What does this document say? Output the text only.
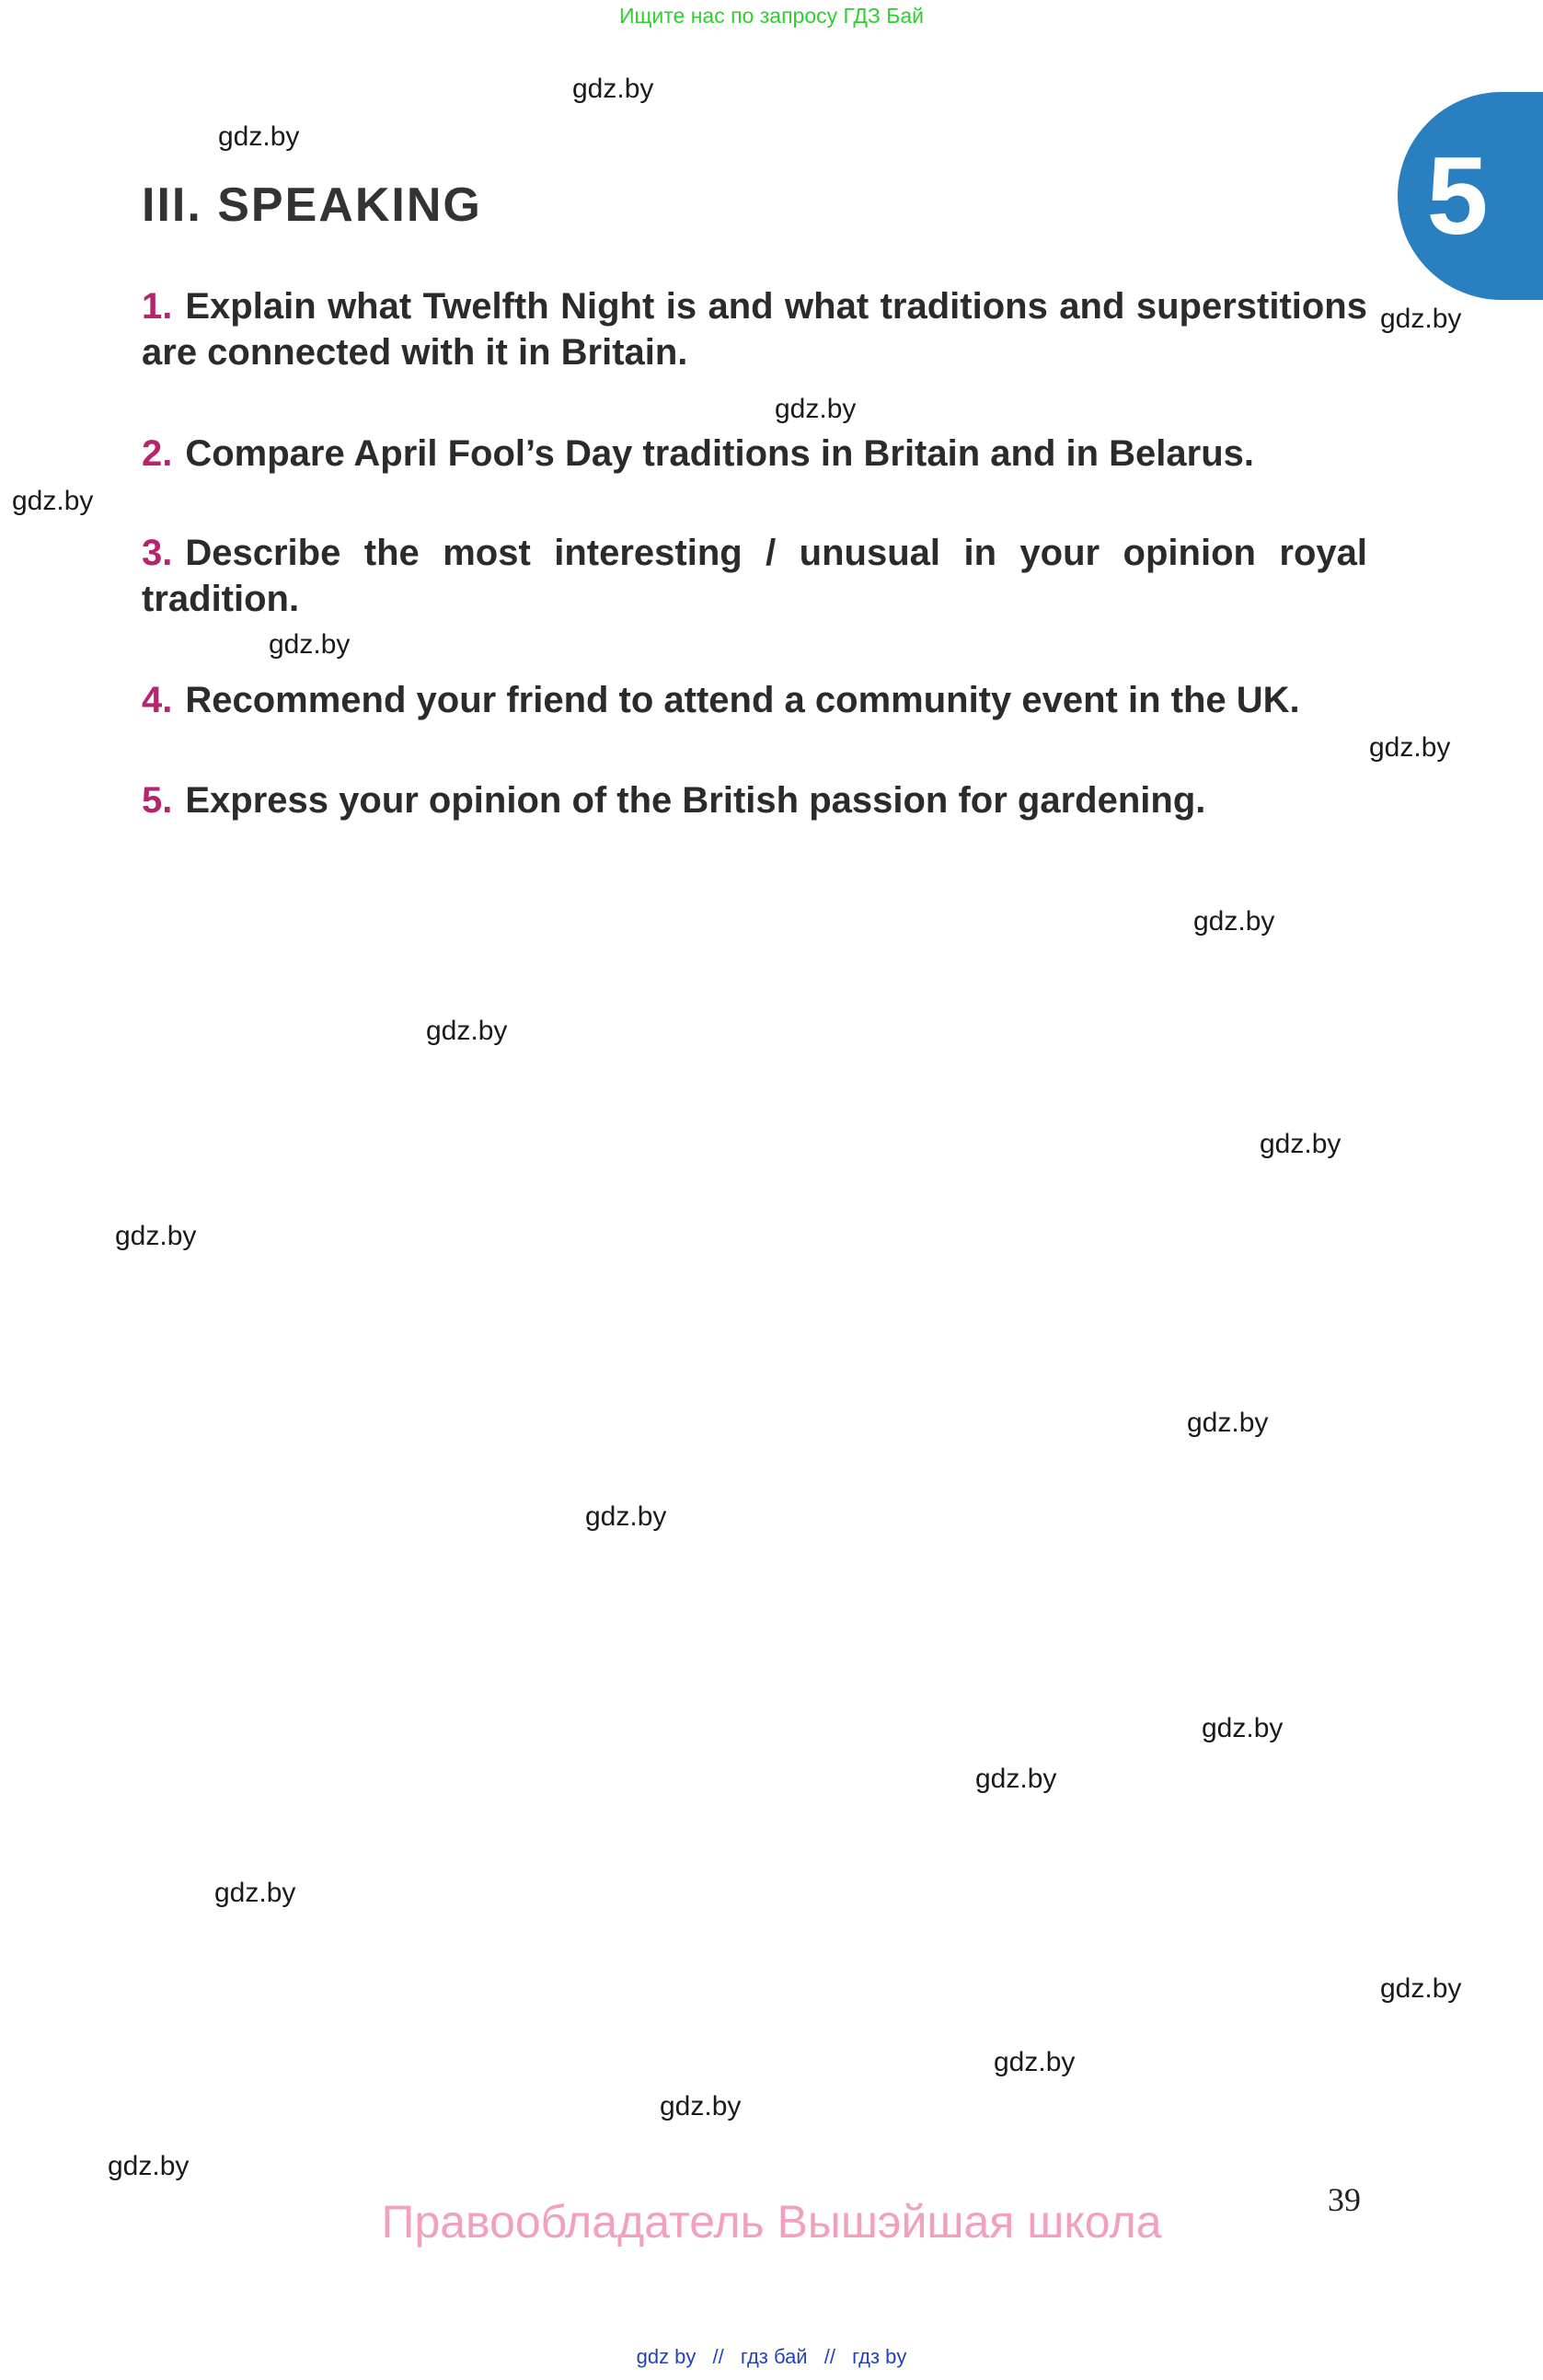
Ищите нас по запросу ГДЗ Бай
5
III. SPEAKING
1. Explain what Twelfth Night is and what traditions and superstitions are connected with it in Britain.
2. Compare April Fool’s Day traditions in Britain and in Belarus.
3. Describe the most interesting / unusual in your opinion royal tradition.
4. Recommend your friend to attend a community event in the UK.
5. Express your opinion of the British passion for gardening.
gdz.by
gdz.by
gdz.by
gdz.by
gdz.by
gdz.by
gdz.by
gdz.by
gdz.by
gdz.by
gdz.by
gdz.by
gdz.by
gdz.by
gdz.by
gdz.by
gdz.by
gdz.by
gdz.by
gdz.by
39
Правообладатель Вышэйшая школа
gdz by // гдз бай // гдз by
